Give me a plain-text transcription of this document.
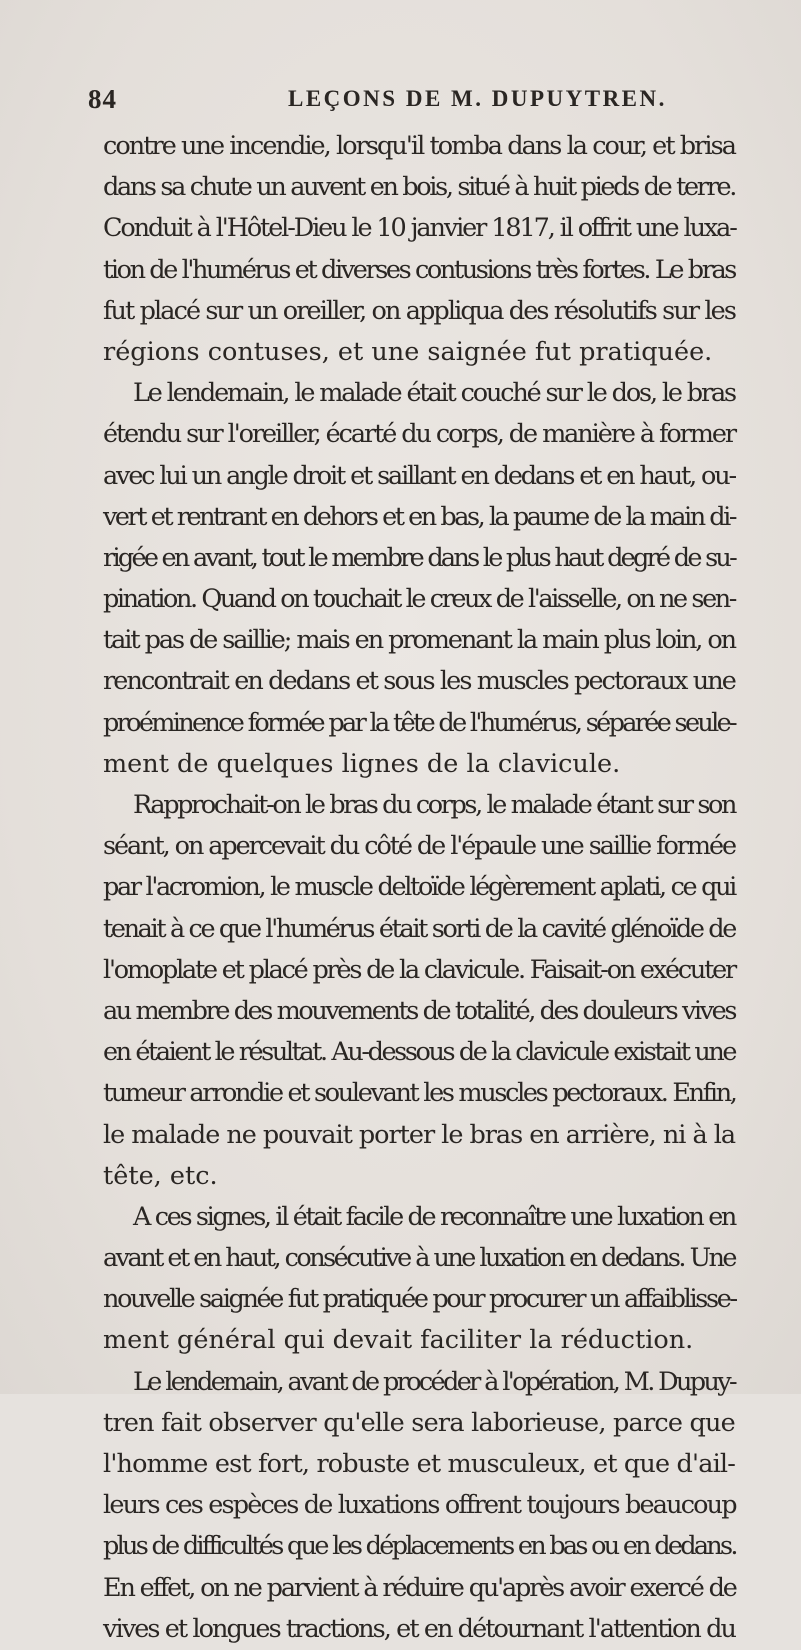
84	LEÇONS DE M. DUPUYTREN.
contre une incendie, lorsqu'il tomba dans la cour, et brisa
dans sa chute un auvent en bois, situé à huit pieds de terre.
Conduit à l'Hôtel-Dieu le 10 janvier 1817, il offrit une luxa-
tion de l'humérus et diverses contusions très fortes. Le bras
fut placé sur un oreiller, on appliqua des résolutifs sur les
régions contuses, et une saignée fut pratiquée.
Le lendemain, le malade était couché sur le dos, le bras
étendu sur l'oreiller, écarté du corps, de manière à former
avec lui un angle droit et saillant en dedans et en haut, ou-
vert et rentrant en dehors et en bas, la paume de la main di-
rigée en avant, tout le membre dans le plus haut degré de su-
pination. Quand on touchait le creux de l'aisselle, on ne sen-
tait pas de saillie; mais en promenant la main plus loin, on
rencontrait en dedans et sous les muscles pectoraux une
proéminence formée par la tête de l'humérus, séparée seule-
ment de quelques lignes de la clavicule.
Rapprochait-on le bras du corps, le malade étant sur son
séant, on apercevait du côté de l'épaule une saillie formée
par l'acromion, le muscle deltoïde légèrement aplati, ce qui
tenait à ce que l'humérus était sorti de la cavité glénoïde de
l'omoplate et placé près de la clavicule. Faisait-on exécuter
au membre des mouvements de totalité, des douleurs vives
en étaient le résultat. Au-dessous de la clavicule existait une
tumeur arrondie et soulevant les muscles pectoraux. Enfin,
le malade ne pouvait porter le bras en arrière, ni à la
tête, etc.
A ces signes, il était facile de reconnaître une luxation en
avant et en haut, consécutive à une luxation en dedans. Une
nouvelle saignée fut pratiquée pour procurer un affaiblisse-
ment général qui devait faciliter la réduction.
Le lendemain, avant de procéder à l'opération, M. Dupuy-
tren fait observer qu'elle sera laborieuse, parce que
l'homme est fort, robuste et musculeux, et que d'ail-
leurs ces espèces de luxations offrent toujours beaucoup
plus de difficultés que les déplacements en bas ou en dedans.
En effet, on ne parvient à réduire qu'après avoir exercé de
vives et longues tractions, et en détournant l'attention du
